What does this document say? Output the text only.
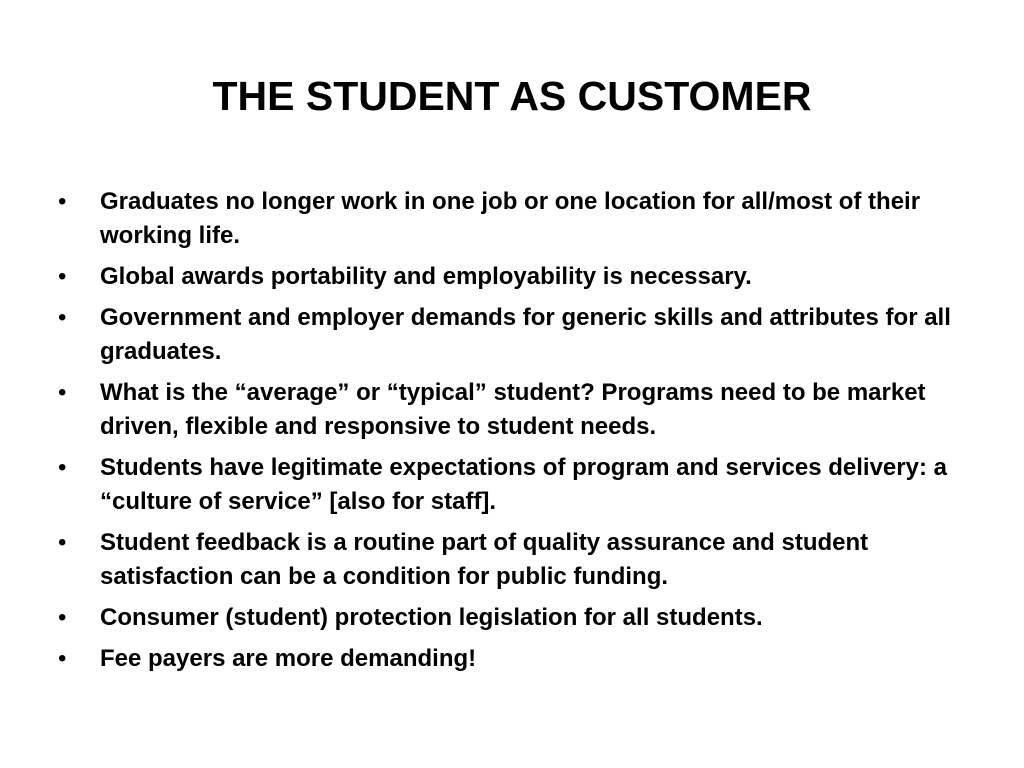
THE STUDENT AS CUSTOMER
•	Graduates no longer work in one job or one location for all/most of their working life.
•	Global awards portability and employability is necessary.
•	Government and employer demands for generic skills and attributes for all graduates.
•	What is the “average” or “typical” student? Programs need to be market driven, flexible and responsive to student needs.
•	Students have legitimate expectations of program and services delivery: a “culture of service” [also for staff].
•	Student feedback is a routine part of quality assurance and student satisfaction can be a condition for public funding.
•	Consumer (student) protection legislation for all students.
•	Fee payers are more demanding!
